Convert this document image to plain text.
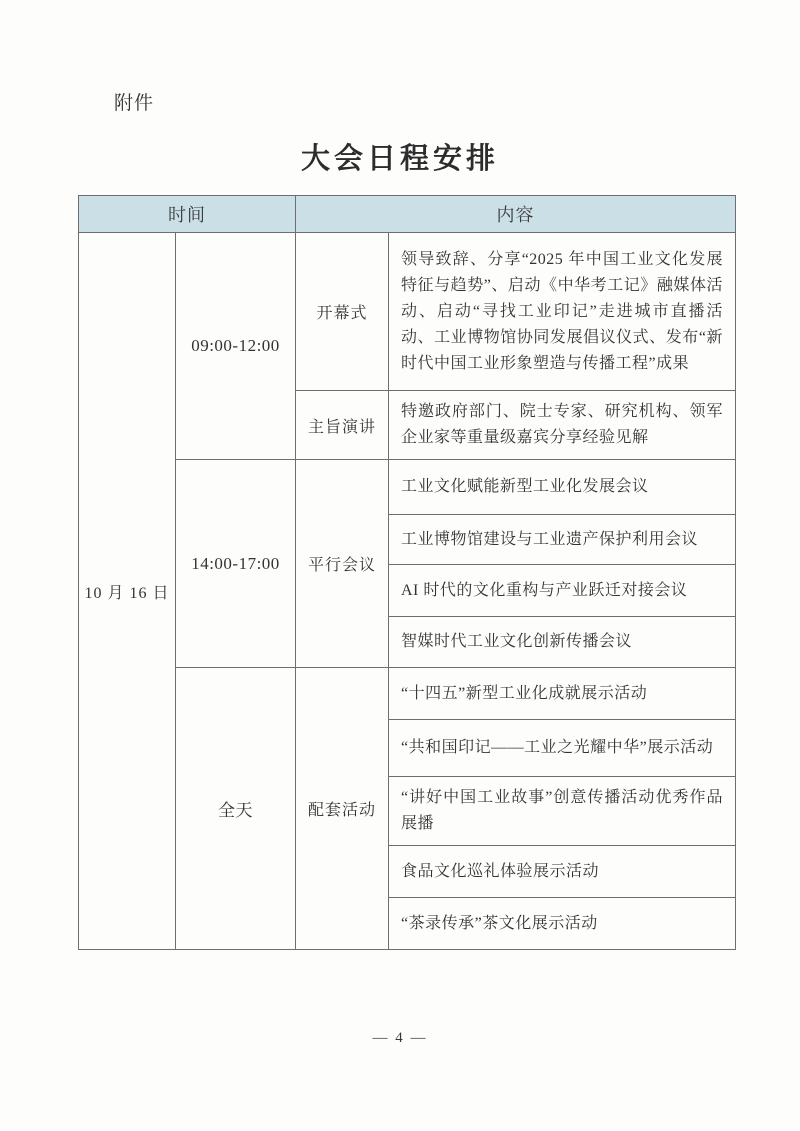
附件
大会日程安排
时间		内容	
10 月 16 日	09:00-12:00	开幕式	领导致辞、分享“2025 年中国工业文化发展特征与趋势”、启动《中华考工记》融媒体活动、启动“寻找工业印记”走进城市直播活动、工业博物馆协同发展倡议仪式、发布“新时代中国工业形象塑造与传播工程”成果
		主旨演讲	特邀政府部门、院士专家、研究机构、领军企业家等重量级嘉宾分享经验见解
	14:00-17:00	平行会议	工业文化赋能新型工业化发展会议
			工业博物馆建设与工业遗产保护利用会议
			AI 时代的文化重构与产业跃迁对接会议
			智媒时代工业文化创新传播会议
	全天	配套活动	“十四五”新型工业化成就展示活动
			“共和国印记——工业之光耀中华”展示活动
			“讲好中国工业故事”创意传播活动优秀作品展播
			食品文化巡礼体验展示活动
			“茶录传承”茶文化展示活动
— 4 —
